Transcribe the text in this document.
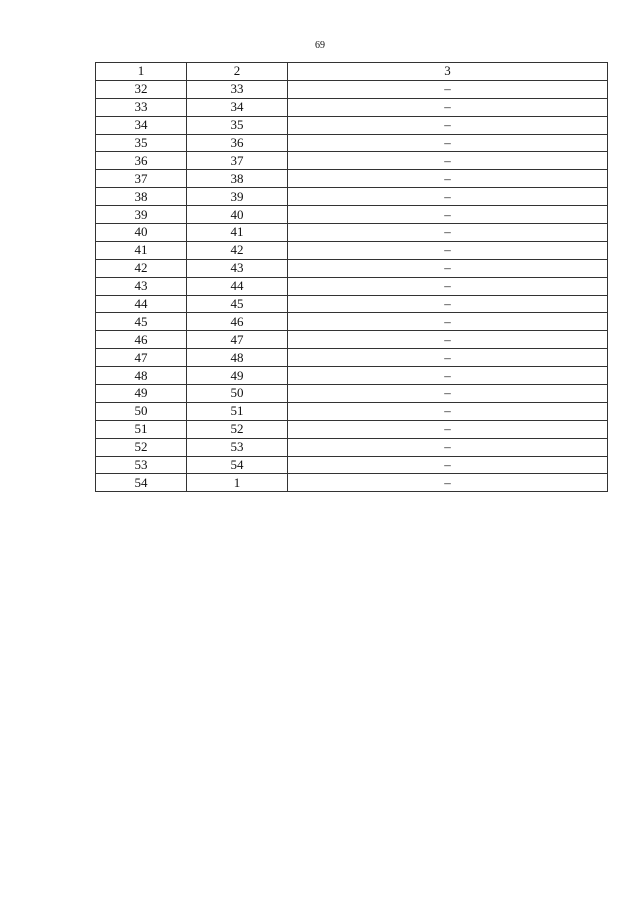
69
1	2	3
32	33	–
33	34	–
34	35	–
35	36	–
36	37	–
37	38	–
38	39	–
39	40	–
40	41	–
41	42	–
42	43	–
43	44	–
44	45	–
45	46	–
46	47	–
47	48	–
48	49	–
49	50	–
50	51	–
51	52	–
52	53	–
53	54	–
54	1	–
